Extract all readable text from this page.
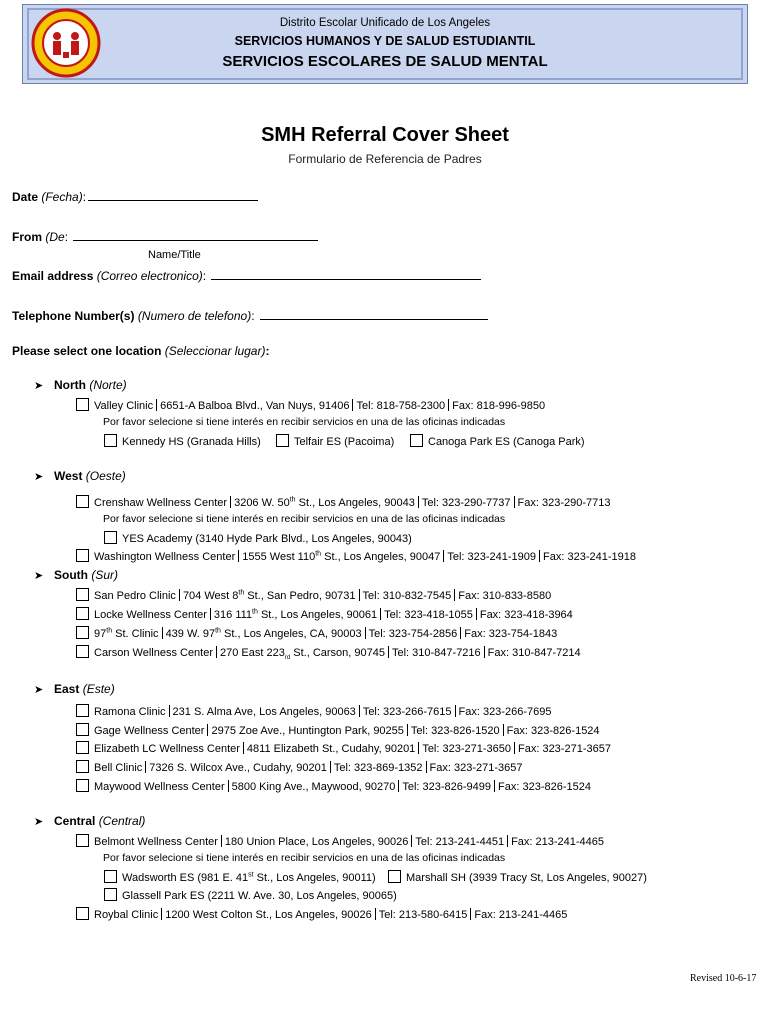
Distrito Escolar Unificado de Los Angeles
SERVICIOS HUMANOS Y DE SALUD ESTUDIANTIL
SERVICIOS ESCOLARES DE SALUD MENTAL
SMH Referral Cover Sheet
Formulario de Referencia de Padres
Date (Fecha):
From (De:
Name/Title
Email address (Correo electronico):
Telephone Number(s) (Numero de telefono):
Please select one location (Seleccionar lugar):
➤ North (Norte)
Valley Clinic 6651-A Balboa Blvd., Van Nuys, 91406 Tel: 818-758-2300 Fax: 818-996-9850
Por favor selecione si tiene interés en recibir servicios en una de las oficinas indicadas
Kennedy HS (Granada Hills)	Telfair ES (Pacoima)	Canoga Park ES (Canoga Park)
➤ West (Oeste)
Crenshaw Wellness Center 3206 W. 50th St., Los Angeles, 90043 Tel: 323-290-7737 Fax: 323-290-7713
Por favor selecione si tiene interés en recibir servicios en una de las oficinas indicadas
YES Academy (3140 Hyde Park Blvd., Los Angeles, 90043)
Washington Wellness Center 1555 West 110th St., Los Angeles, 90047 Tel: 323-241-1909 Fax: 323-241-1918
➤ South (Sur)
San Pedro Clinic 704 West 8th St., San Pedro, 90731 Tel: 310-832-7545 Fax: 310-833-8580
Locke Wellness Center 316 111th St., Los Angeles, 90061 Tel: 323-418-1055 Fax: 323-418-3964
97th St. Clinic 439 W. 97th St., Los Angeles, CA, 90003 Tel: 323-754-2856 Fax: 323-754-1843
Carson Wellness Center 270 East $223_{rd}$ St., Carson, 90745 Tel: 310-847-7216 Fax: 310-847-7214
➤ East (Este)
Ramona Clinic 231 S. Alma Ave, Los Angeles, 90063 Tel: 323-266-7615 Fax: 323-266-7695
Gage Wellness Center 2975 Zoe Ave., Huntington Park, 90255 Tel: 323-826-1520 Fax: 323-826-1524
Elizabeth LC Wellness Center 4811 Elizabeth St., Cudahy, 90201 Tel: 323-271-3650 Fax: 323-271-3657
Bell Clinic 7326 S. Wilcox Ave., Cudahy, 90201 Tel: 323-869-1352 Fax: 323-271-3657
Maywood Wellness Center 5800 King Ave., Maywood, 90270 Tel: 323-826-9499 Fax: 323-826-1524
➤ Central (Central)
Belmont Wellness Center 180 Union Place, Los Angeles, 90026 Tel: 213-241-4451 Fax: 213-241-4465
Por favor selecione si tiene interés en recibir servicios en una de las oficinas indicadas
Wadsworth ES (981 E. 41st St., Los Angeles, 90011)	Marshall SH (3939 Tracy St, Los Angeles, 90027)
Glassell Park ES (2211 W. Ave. 30, Los Angeles, 90065)
Roybal Clinic 1200 West Colton St., Los Angeles, 90026 Tel: 213-580-6415 Fax: 213-241-4465
Revised 10-6-17
